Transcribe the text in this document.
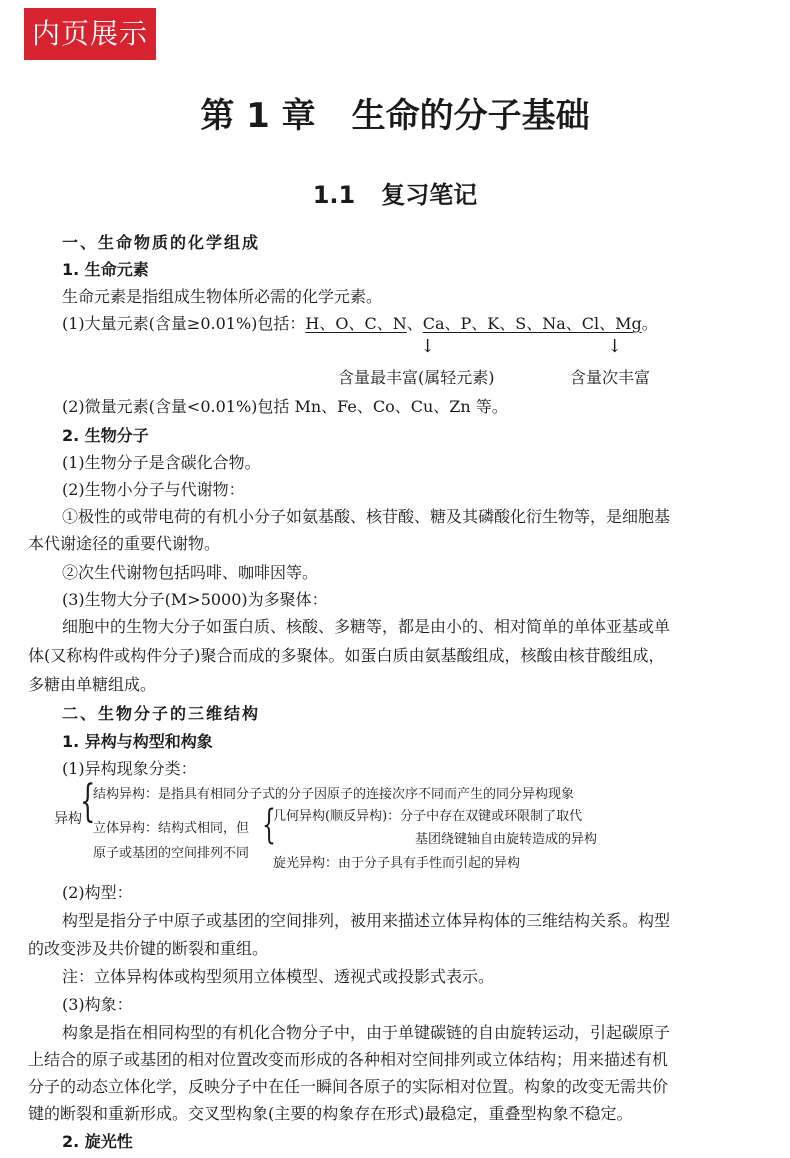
内页展示
第 1 章 生命的分子基础
1.1 复习笔记
一、生命物质的化学组成
1. 生命元素
生命元素是指组成生物体所必需的化学元素。
(1)大量元素(含量≥0.01%)包括：H、O、C、N、Ca、P、K、S、Na、Cl、Mg。
↓	↓
含量最丰富(属轻元素)	含量次丰富
(2)微量元素(含量<0.01%)包括 Mn、Fe、Co、Cu、Zn 等。
2. 生物分子
(1)生物分子是含碳化合物。
(2)生物小分子与代谢物：
①极性的或带电荷的有机小分子如氨基酸、核苷酸、糖及其磷酸化衍生物等，是细胞基
本代谢途径的重要代谢物。
②次生代谢物包括吗啡、咖啡因等。
(3)生物大分子(M>5000)为多聚体：
细胞中的生物大分子如蛋白质、核酸、多糖等，都是由小的、相对简单的单体亚基或单
体(又称构件或构件分子)聚合而成的多聚体。如蛋白质由氨基酸组成，核酸由核苷酸组成，
多糖由单糖组成。
二、生物分子的三维结构
1. 异构与构型和构象
(1)异构现象分类：
异构
{
结构异构：是指具有相同分子式的分子因原子的连接次序不同而产生的同分异构现象
立体异构：结构式相同，但
原子或基团的空间排列不同
{
几何异构(顺反异构)：分子中存在双键或环限制了取代
基团绕键轴自由旋转造成的异构
旋光异构：由于分子具有手性而引起的异构
(2)构型：
构型是指分子中原子或基团的空间排列，被用来描述立体异构体的三维结构关系。构型
的改变涉及共价键的断裂和重组。
注：立体异构体或构型须用立体模型、透视式或投影式表示。
(3)构象：
构象是指在相同构型的有机化合物分子中，由于单键碳链的自由旋转运动，引起碳原子
上结合的原子或基团的相对位置改变而形成的各种相对空间排列或立体结构；用来描述有机
分子的动态立体化学，反映分子中在任一瞬间各原子的实际相对位置。构象的改变无需共价
键的断裂和重新形成。交叉型构象(主要的构象存在形式)最稳定，重叠型构象不稳定。
2. 旋光性
